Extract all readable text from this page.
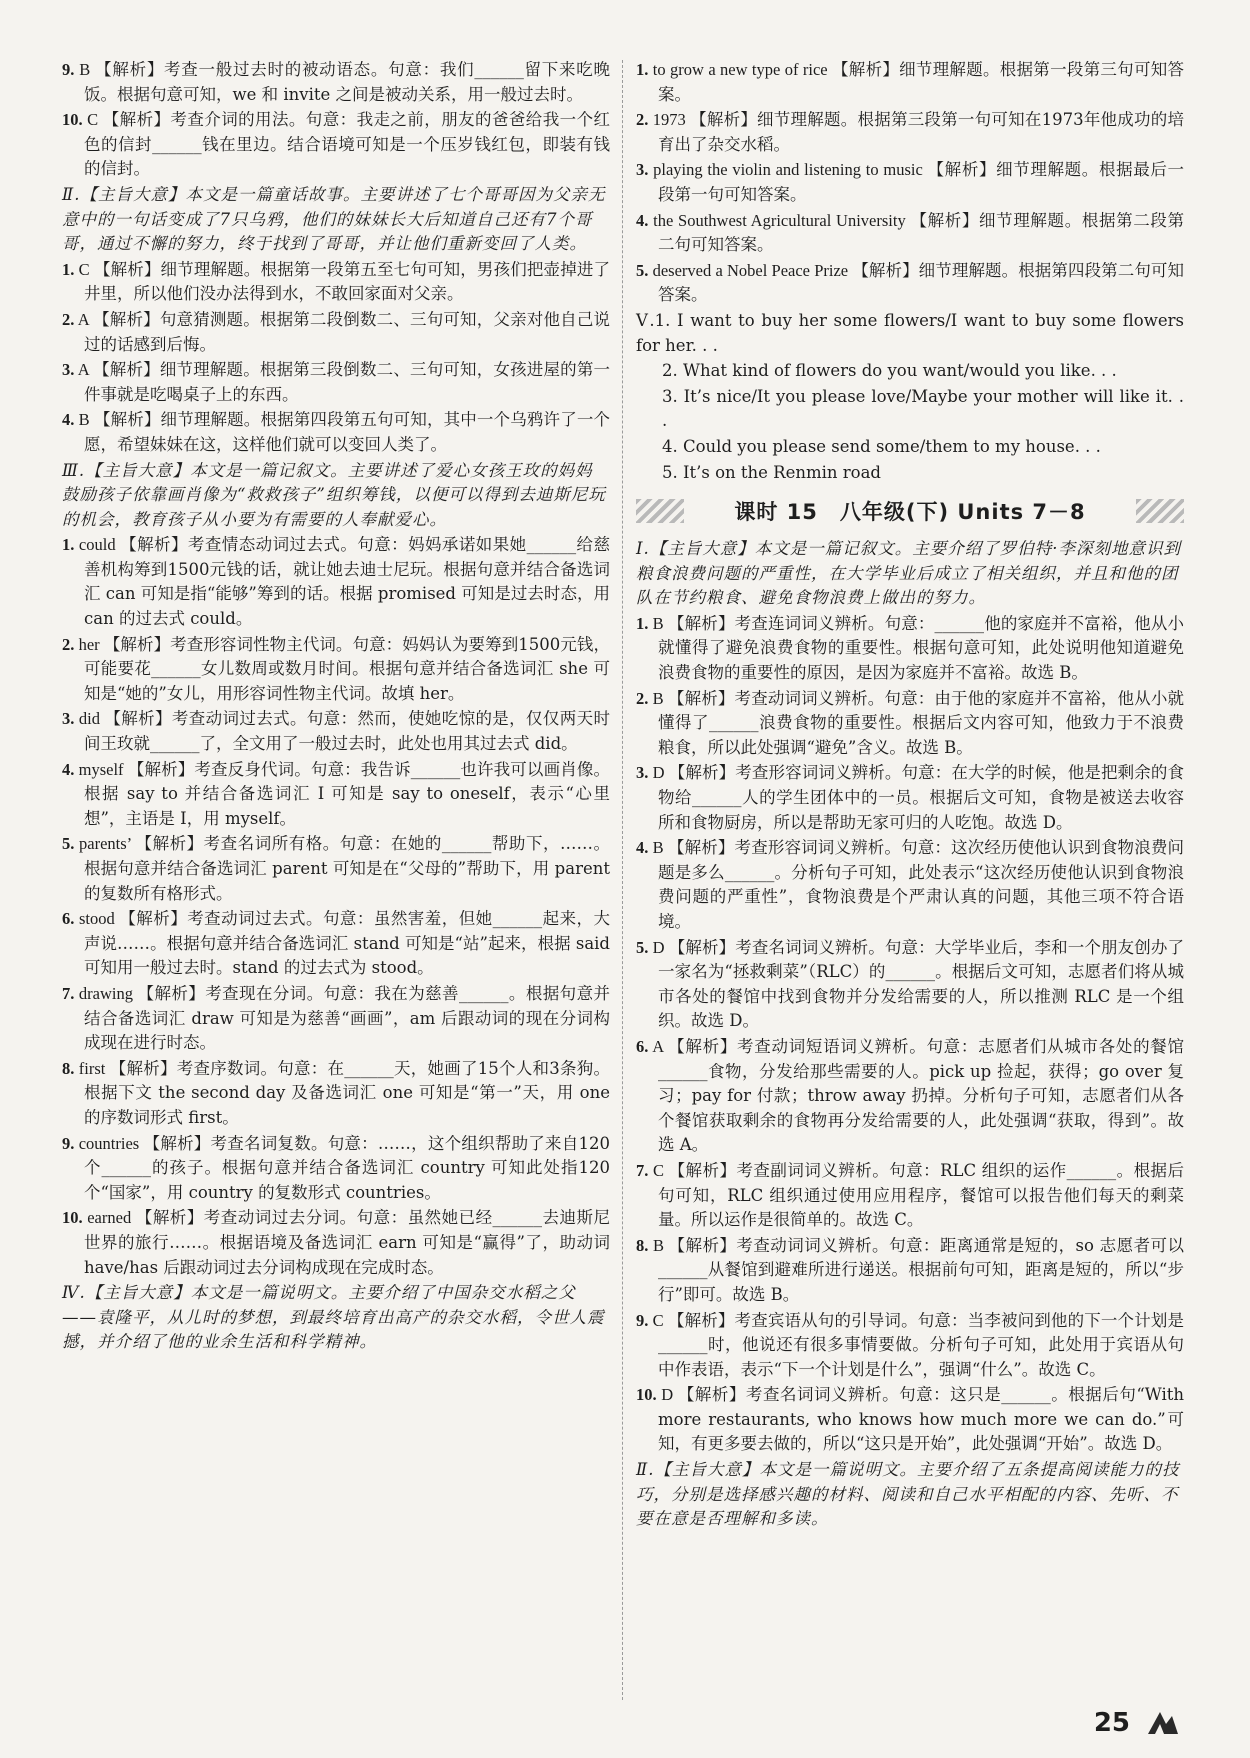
9. B 【解析】考查一般过去时的被动语态。句意：我们______留下来吃晚饭。根据句意可知，we 和 invite 之间是被动关系，用一般过去时。
10. C 【解析】考查介词的用法。句意：我走之前，朋友的爸爸给我一个红色的信封______钱在里边。结合语境可知是一个压岁钱红包，即装有钱的信封。
Ⅱ.【主旨大意】本文是一篇童话故事。主要讲述了七个哥哥因为父亲无意中的一句话变成了7只乌鸦，他们的妹妹长大后知道自己还有7个哥哥，通过不懈的努力，终于找到了哥哥，并让他们重新变回了人类。
1. C 【解析】细节理解题。根据第一段第五至七句可知，男孩们把壶掉进了井里，所以他们没办法得到水，不敢回家面对父亲。
2. A 【解析】句意猜测题。根据第二段倒数二、三句可知，父亲对他自己说过的话感到后悔。
3. A 【解析】细节理解题。根据第三段倒数二、三句可知，女孩进屋的第一件事就是吃喝桌子上的东西。
4. B 【解析】细节理解题。根据第四段第五句可知，其中一个乌鸦许了一个愿，希望妹妹在这，这样他们就可以变回人类了。
Ⅲ.【主旨大意】本文是一篇记叙文。主要讲述了爱心女孩王玫的妈妈鼓励孩子依靠画肖像为“救救孩子”组织筹钱，以便可以得到去迪斯尼玩的机会，教育孩子从小要为有需要的人奉献爱心。
1. could 【解析】考查情态动词过去式。句意：妈妈承诺如果她______给慈善机构筹到1500元钱的话，就让她去迪士尼玩。根据句意并结合备选词汇 can 可知是指“能够”筹到的话。根据 promised 可知是过去时态，用 can 的过去式 could。
2. her 【解析】考查形容词性物主代词。句意：妈妈认为要筹到1500元钱，可能要花______女儿数周或数月时间。根据句意并结合备选词汇 she 可知是“她的”女儿，用形容词性物主代词。故填 her。
3. did 【解析】考查动词过去式。句意：然而，使她吃惊的是，仅仅两天时间王玫就______了，全文用了一般过去时，此处也用其过去式 did。
4. myself 【解析】考查反身代词。句意：我告诉______也许我可以画肖像。根据 say to 并结合备选词汇 I 可知是 say to oneself，表示“心里想”，主语是 I，用 myself。
5. parents’ 【解析】考查名词所有格。句意：在她的______帮助下，……。根据句意并结合备选词汇 parent 可知是在“父母的”帮助下，用 parent 的复数所有格形式。
6. stood 【解析】考查动词过去式。句意：虽然害羞，但她______起来，大声说……。根据句意并结合备选词汇 stand 可知是“站”起来，根据 said 可知用一般过去时。stand 的过去式为 stood。
7. drawing 【解析】考查现在分词。句意：我在为慈善______。根据句意并结合备选词汇 draw 可知是为慈善“画画”，am 后跟动词的现在分词构成现在进行时态。
8. first 【解析】考查序数词。句意：在______天，她画了15个人和3条狗。根据下文 the second day 及备选词汇 one 可知是“第一”天，用 one 的序数词形式 first。
9. countries 【解析】考查名词复数。句意：……，这个组织帮助了来自120个______的孩子。根据句意并结合备选词汇 country 可知此处指120个“国家”，用 country 的复数形式 countries。
10. earned 【解析】考查动词过去分词。句意：虽然她已经______去迪斯尼世界的旅行……。根据语境及备选词汇 earn 可知是“赢得”了，助动词 have/has 后跟动词过去分词构成现在完成时态。
Ⅳ.【主旨大意】本文是一篇说明文。主要介绍了中国杂交水稻之父——袁隆平，从儿时的梦想，到最终培育出高产的杂交水稻，令世人震撼，并介绍了他的业余生活和科学精神。
1. to grow a new type of rice 【解析】细节理解题。根据第一段第三句可知答案。
2. 1973 【解析】细节理解题。根据第三段第一句可知在1973年他成功的培育出了杂交水稻。
3. playing the violin and listening to music 【解析】细节理解题。根据最后一段第一句可知答案。
4. the Southwest Agricultural University 【解析】细节理解题。根据第二段第二句可知答案。
5. deserved a Nobel Peace Prize 【解析】细节理解题。根据第四段第二句可知答案。
Ⅴ.1. I want to buy her some flowers/I want to buy some flowers for her. . .
2. What kind of flowers do you want/would you like. . .
3. It’s nice/It you please love/Maybe your mother will like it. . .
4. Could you please send some/them to my house. . .
5. It’s on the Renmin road
课时 15　八年级(下) Units 7－8
Ⅰ.【主旨大意】本文是一篇记叙文。主要介绍了罗伯特·李深刻地意识到粮食浪费问题的严重性，在大学毕业后成立了相关组织，并且和他的团队在节约粮食、避免食物浪费上做出的努力。
1. B 【解析】考查连词词义辨析。句意：______他的家庭并不富裕，他从小就懂得了避免浪费食物的重要性。根据句意可知，此处说明他知道避免浪费食物的重要性的原因，是因为家庭并不富裕。故选 B。
2. B 【解析】考查动词词义辨析。句意：由于他的家庭并不富裕，他从小就懂得了______浪费食物的重要性。根据后文内容可知，他致力于不浪费粮食，所以此处强调“避免”含义。故选 B。
3. D 【解析】考查形容词词义辨析。句意：在大学的时候，他是把剩余的食物给______人的学生团体中的一员。根据后文可知，食物是被送去收容所和食物厨房，所以是帮助无家可归的人吃饱。故选 D。
4. B 【解析】考查形容词词义辨析。句意：这次经历使他认识到食物浪费问题是多么______。分析句子可知，此处表示“这次经历使他认识到食物浪费问题的严重性”，食物浪费是个严肃认真的问题，其他三项不符合语境。
5. D 【解析】考查名词词义辨析。句意：大学毕业后，李和一个朋友创办了一家名为“拯救剩菜”（RLC）的______。根据后文可知，志愿者们将从城市各处的餐馆中找到食物并分发给需要的人，所以推测 RLC 是一个组织。故选 D。
6. A 【解析】考查动词短语词义辨析。句意：志愿者们从城市各处的餐馆______食物，分发给那些需要的人。pick up 捡起，获得；go over 复习；pay for 付款；throw away 扔掉。分析句子可知，志愿者们从各个餐馆获取剩余的食物再分发给需要的人，此处强调“获取，得到”。故选 A。
7. C 【解析】考查副词词义辨析。句意：RLC 组织的运作______。根据后句可知，RLC 组织通过使用应用程序，餐馆可以报告他们每天的剩菜量。所以运作是很简单的。故选 C。
8. B 【解析】考查动词词义辨析。句意：距离通常是短的，so 志愿者可以______从餐馆到避难所进行递送。根据前句可知，距离是短的，所以“步行”即可。故选 B。
9. C 【解析】考查宾语从句的引导词。句意：当李被问到他的下一个计划是______时，他说还有很多事情要做。分析句子可知，此处用于宾语从句中作表语，表示“下一个计划是什么”，强调“什么”。故选 C。
10. D 【解析】考查名词词义辨析。句意：这只是______。根据后句“With more restaurants, who knows how much more we can do.”可知，有更多要去做的，所以“这只是开始”，此处强调“开始”。故选 D。
Ⅱ.【主旨大意】本文是一篇说明文。主要介绍了五条提高阅读能力的技巧，分别是选择感兴趣的材料、阅读和自己水平相配的内容、先听、不要在意是否理解和多读。
25
